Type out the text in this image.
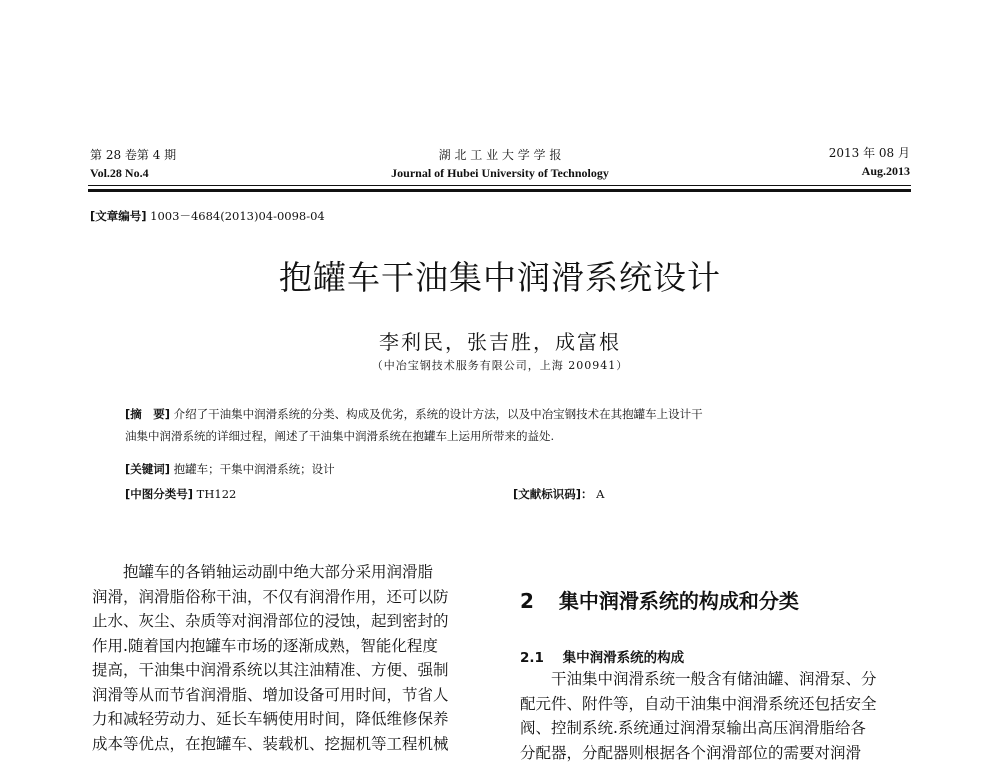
第 28 卷第 4 期
Vol.28 No.4
湖 北 工 业 大 学 学 报
Journal of Hubei University of Technology
2013 年 08 月
Aug.2013
[文章编号] 1003－4684(2013)04-0098-04
抱罐车干油集中润滑系统设计
李利民，张吉胜，成富根
（中冶宝钢技术服务有限公司，上海 200941）
[摘　要] 介绍了干油集中润滑系统的分类、构成及优劣，系统的设计方法，以及中冶宝钢技术在其抱罐车上设计干
油集中润滑系统的详细过程，阐述了干油集中润滑系统在抱罐车上运用所带来的益处.
[关键词] 抱罐车；干集中润滑系统；设计
[中图分类号] TH122	[文献标识码]： A
　　抱罐车的各销轴运动副中绝大部分采用润滑脂
润滑，润滑脂俗称干油，不仅有润滑作用，还可以防
止水、灰尘、杂质等对润滑部位的浸蚀，起到密封的
作用.随着国内抱罐车市场的逐渐成熟，智能化程度
提高，干油集中润滑系统以其注油精准、方便、强制
润滑等从而节省润滑脂、增加设备可用时间，节省人
力和减轻劳动力、延长车辆使用时间，降低维修保养
成本等优点，在抱罐车、装载机、挖掘机等工程机械
2 集中润滑系统的构成和分类
2.1 集中润滑系统的构成
　　干油集中润滑系统一般含有储油罐、润滑泵、分
配元件、附件等，自动干油集中润滑系统还包括安全
阀、控制系统.系统通过润滑泵输出高压润滑脂给各
分配器，分配器则根据各个润滑部位的需要对润滑
